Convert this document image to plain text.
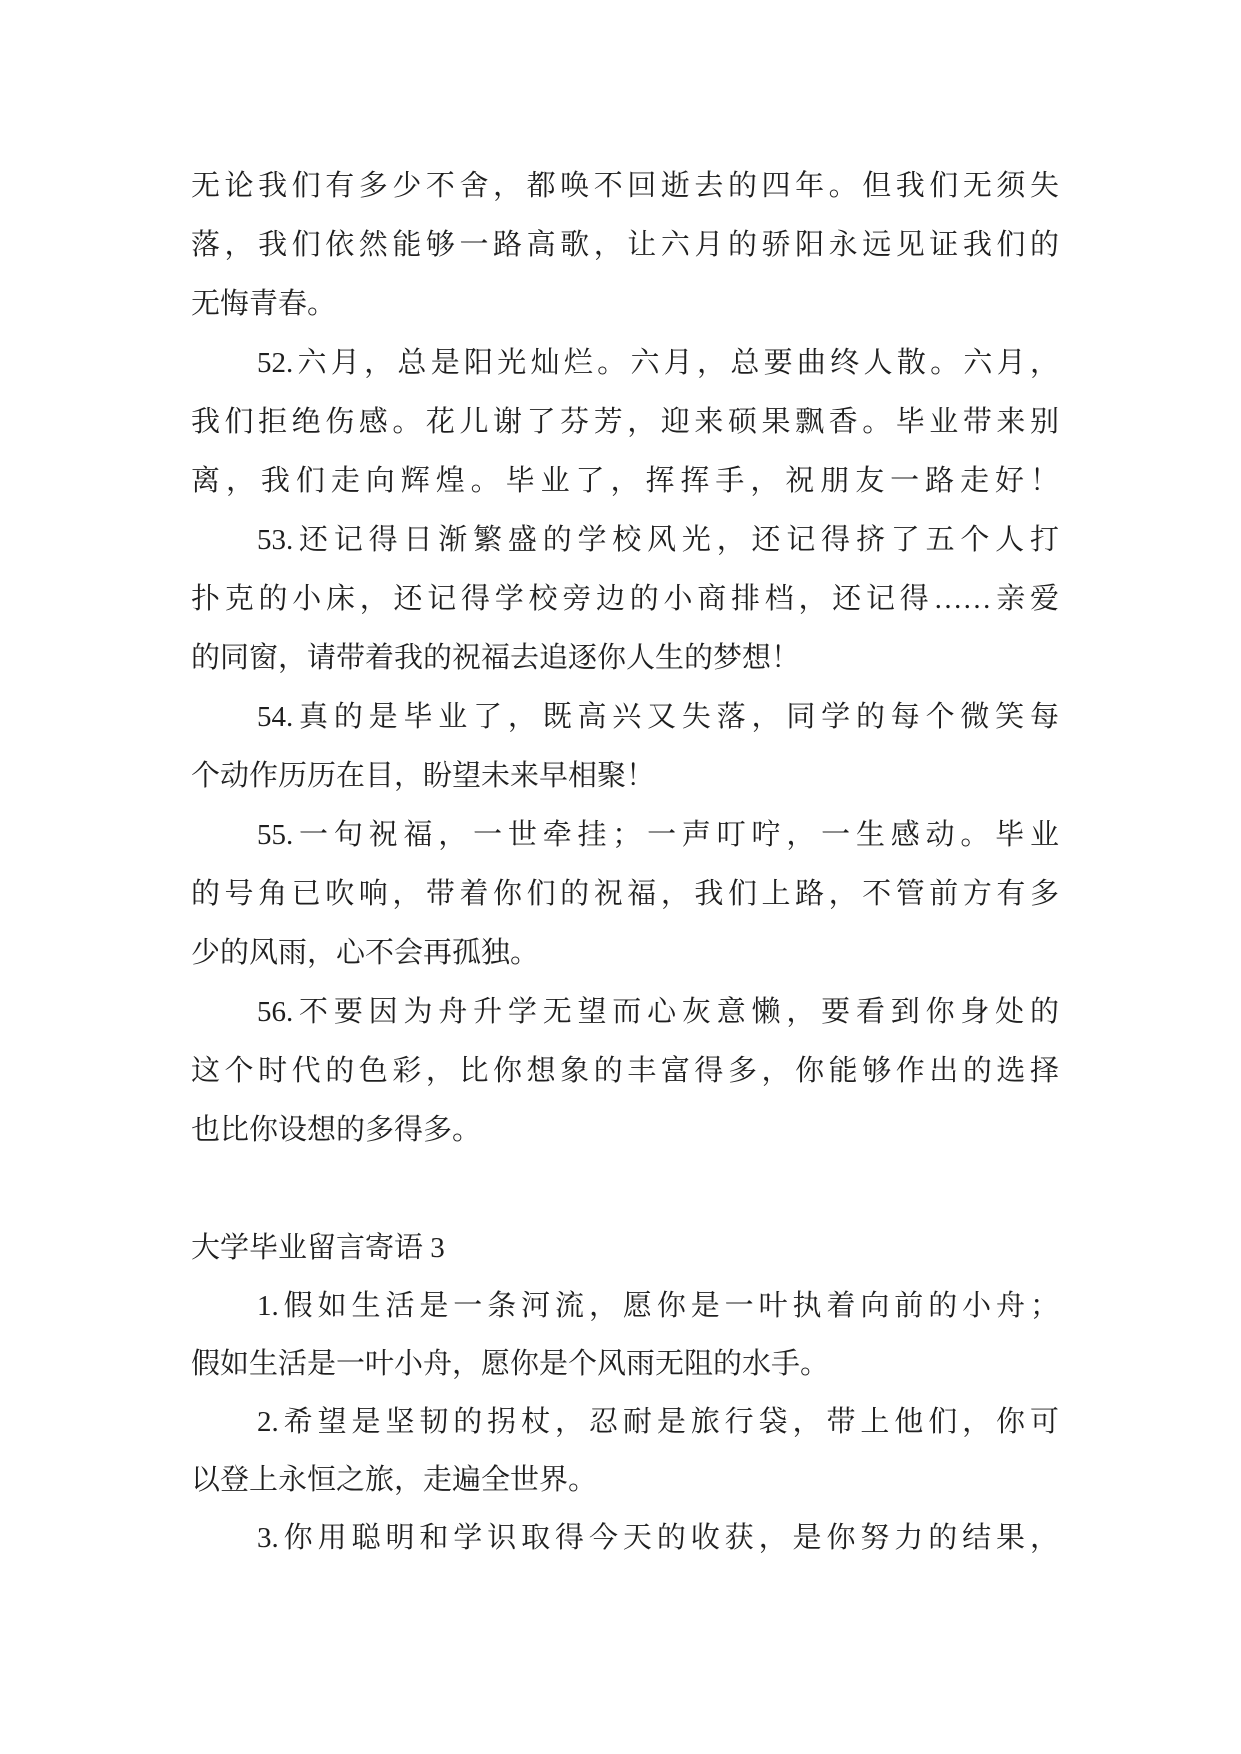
无论我们有多少不舍，都唤不回逝去的四年。但我们无须失
落，我们依然能够一路高歌，让六月的骄阳永远见证我们的
无悔青春。
52.六月，总是阳光灿烂。六月，总要曲终人散。六月，
我们拒绝伤感。花儿谢了芬芳，迎来硕果飘香。毕业带来别
离，我们走向辉煌。毕业了，挥挥手，祝朋友一路走好！
53.还记得日渐繁盛的学校风光，还记得挤了五个人打
扑克的小床，还记得学校旁边的小商排档，还记得……亲爱
的同窗，请带着我的祝福去追逐你人生的梦想！
54.真的是毕业了，既高兴又失落，同学的每个微笑每
个动作历历在目，盼望未来早相聚！
55.一句祝福，一世牵挂；一声叮咛，一生感动。毕业
的号角已吹响，带着你们的祝福，我们上路，不管前方有多
少的风雨，心不会再孤独。
56.不要因为舟升学无望而心灰意懒，要看到你身处的
这个时代的色彩，比你想象的丰富得多，你能够作出的选择
也比你设想的多得多。
大学毕业留言寄语 3
1.假如生活是一条河流，愿你是一叶执着向前的小舟；
假如生活是一叶小舟，愿你是个风雨无阻的水手。
2.希望是坚韧的拐杖，忍耐是旅行袋，带上他们，你可
以登上永恒之旅，走遍全世界。
3.你用聪明和学识取得今天的收获，是你努力的结果，
